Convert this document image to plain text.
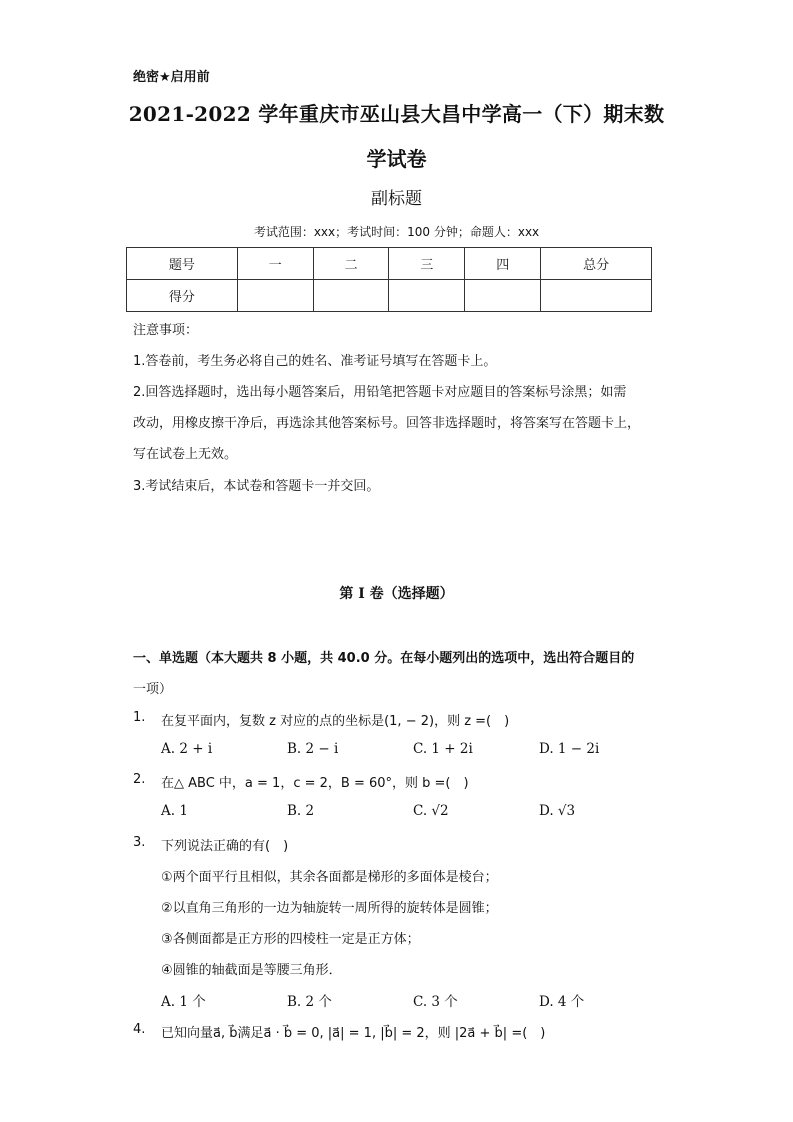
绝密★启用前
2021-2022 学年重庆市巫山县大昌中学高一（下）期末数
学试卷
副标题
考试范围：xxx；考试时间：100 分钟；命题人：xxx
题号	一	二	三	四	总分
得分					
注意事项：
1.答卷前，考生务必将自己的姓名、准考证号填写在答题卡上。
2.回答选择题时，选出每小题答案后，用铅笔把答题卡对应题目的答案标号涂黑；如需
改动，用橡皮擦干净后，再选涂其他答案标号。回答非选择题时，将答案写在答题卡上，
写在试卷上无效。
3.考试结束后，本试卷和答题卡一并交回。
第 I 卷（选择题）
一、单选题（本大题共 8 小题，共 40.0 分。在每小题列出的选项中，选出符合题目的
一项）
1. 在复平面内，复数 z 对应的点的坐标是(1, − 2)，则 z =(　)
A. 2 + i	B. 2 − i	C. 1 + 2i	D. 1 − 2i
2. 在△ ABC 中，a = 1，c = 2，B = 60°，则 b =(　)
A. 1	B. 2	C. √2	D. √3
3. 下列说法正确的有(　)
①两个面平行且相似，其余各面都是梯形的多面体是棱台；
②以直角三角形的一边为轴旋转一周所得的旋转体是圆锥；
③各侧面都是正方形的四棱柱一定是正方体；
④圆锥的轴截面是等腰三角形．
A. 1 个	B. 2 个	C. 3 个	D. 4 个
4. 已知向量a⃗, b⃗满足a⃗ · b⃗ = 0, |a⃗| = 1, |b⃗| = 2，则 |2a⃗ + b⃗| =(　)
